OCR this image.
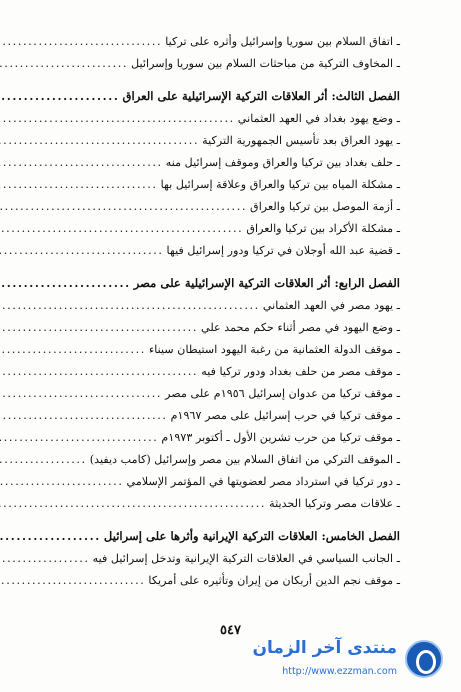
ـ اتفاق السلام بين سوريا وإسرائيل وأثره على تركيا
.....
ـ المخاوف التركية من مباحثات السلام بين سوريا وإسرائيل
.....
الفصل الثالث: أثر العلاقات التركية الإسرائيلية على العراق
.....
ـ وضع يهود بغداد في العهد العثماني
.....
ـ يهود العراق بعد تأسيس الجمهورية التركية
.....
ـ حلف بغداد بين تركيا والعراق وموقف إسرائيل منه
.....
ـ مشكلة المياه بين تركيا والعراق وعلاقة إسرائيل بها
.....
ـ أزمة الموصل بين تركيا والعراق
.....
ـ مشكلة الأكراد بين تركيا والعراق
.....
ـ قضية عبد الله أوجلان في تركيا ودور إسرائيل فيها
.....
الفصل الرابع: أثر العلاقات التركية الإسرائيلية على مصر
.....
ـ يهود مصر في العهد العثماني
.....
ـ وضع اليهود في مصر أثناء حكم محمد علي
.....
ـ موقف الدولة العثمانية من رغبة اليهود استيطان سيناء
.....
ـ موقف مصر من حلف بغداد ودور تركيا فيه
.....
ـ موقف تركيا من عدوان إسرائيل ١٩٥٦م على مصر
.....
ـ موقف تركيا في حرب إسرائيل على مصر ١٩٦٧م
.....
ـ موقف تركيا من حرب تشرين الأول ـ أكتوبر ١٩٧٣م
.....
ـ الموقف التركي من اتفاق السلام بين مصر وإسرائيل (كامب ديفيد)
.....
ـ دور تركيا في استرداد مصر لعضويتها في المؤتمر الإسلامي
.....
ـ علاقات مصر وتركيا الحديثة
.....
الفصل الخامس: العلاقات التركية الإيرانية وأثرها على إسرائيل
.....
ـ الجانب السياسي في العلاقات التركية الإيرانية وتدخل إسرائيل فيه
.....
ـ موقف نجم الدين أربكان من إيران وتأثيره على أمريكا
.....
٥٤٧
منتدى آخر الزمان
http://www.ezzman.com
